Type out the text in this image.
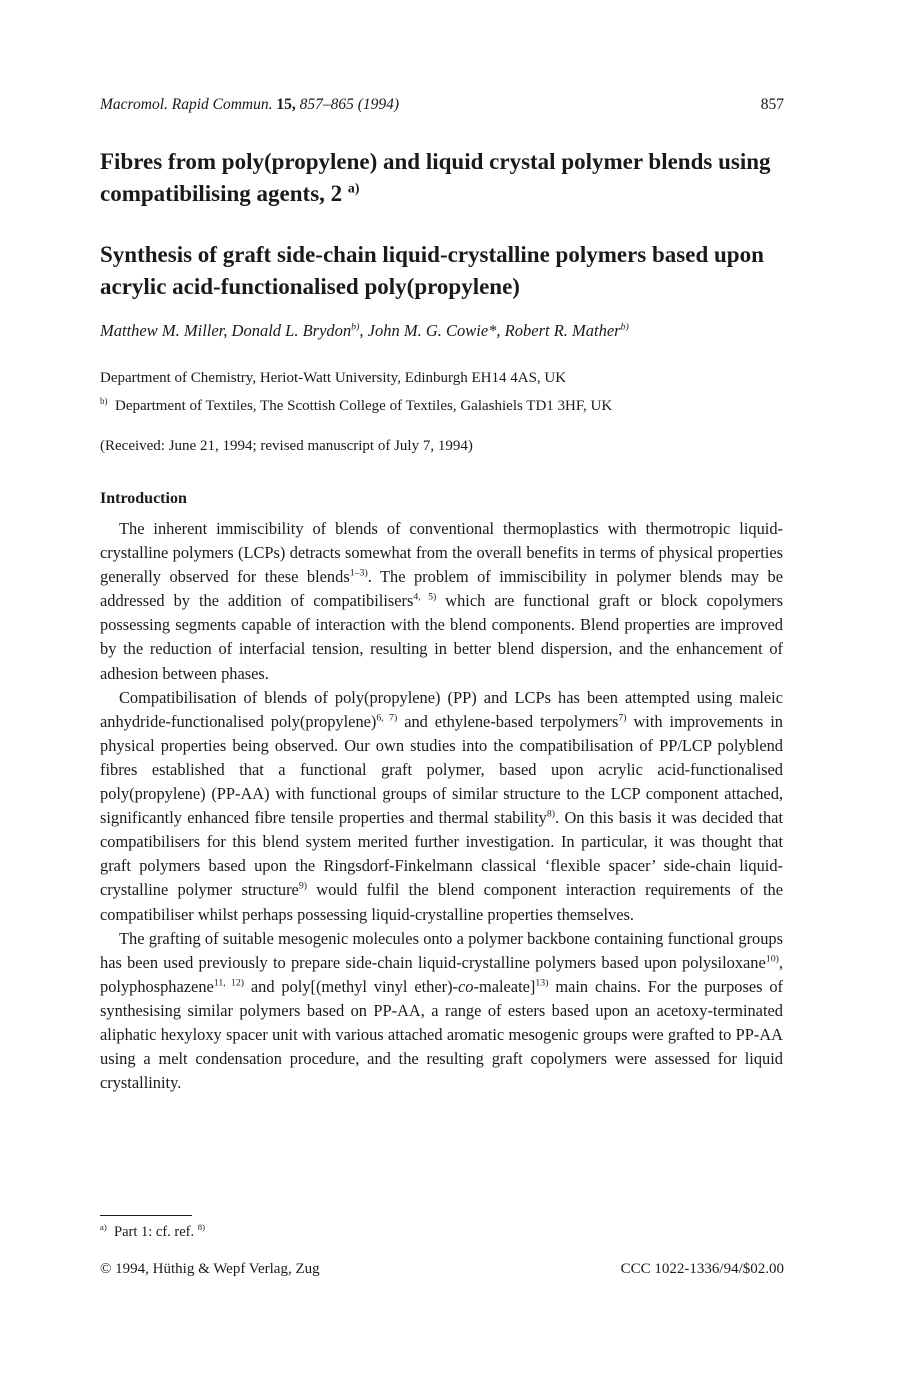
Macromol. Rapid Commun. 15, 857–865 (1994)	857
Fibres from poly(propylene) and liquid crystal polymer blends using compatibilising agents, 2 $^{a)}$
Synthesis of graft side-chain liquid-crystalline polymers based upon acrylic acid-functionalised poly(propylene)
Matthew M. Miller, Donald L. Brydon$^{b)}$, John M. G. Cowie*, Robert R. Mather$^{b)}$
Department of Chemistry, Heriot-Watt University, Edinburgh EH14 4AS, UK
$^{b)}$ Department of Textiles, The Scottish College of Textiles, Galashiels TD1 3HF, UK
(Received: June 21, 1994; revised manuscript of July 7, 1994)
Introduction

The inherent immiscibility of blends of conventional thermoplastics with thermotropic liquid-crystalline polymers (LCPs) detracts somewhat from the overall benefits in terms of physical properties generally observed for these blends$^{1-3)}$. The problem of immiscibility in polymer blends may be addressed by the addition of compatibilisers$^{4, 5)}$ which are functional graft or block copolymers possessing segments capable of interaction with the blend components. Blend properties are improved by the reduction of interfacial tension, resulting in better blend dispersion, and the enhancement of adhesion between phases.

Compatibilisation of blends of poly(propylene) (PP) and LCPs has been attempted using maleic anhydride-functionalised poly(propylene)$^{6, 7)}$ and ethylene-based terpolymers$^{7)}$ with improvements in physical properties being observed. Our own studies into the compatibilisation of PP/LCP polyblend fibres established that a functional graft polymer, based upon acrylic acid-functionalised poly(propylene) (PP-AA) with functional groups of similar structure to the LCP component attached, significantly enhanced fibre tensile properties and thermal stability$^{8)}$. On this basis it was decided that compatibilisers for this blend system merited further investigation. In particular, it was thought that graft polymers based upon the Ringsdorf-Finkelmann classical ‘flexible spacer’ side-chain liquid-crystalline polymer structure$^{9)}$ would fulfil the blend component interaction requirements of the compatibiliser whilst perhaps possessing liquid-crystalline properties themselves.

The grafting of suitable mesogenic molecules onto a polymer backbone containing functional groups has been used previously to prepare side-chain liquid-crystalline polymers based upon polysiloxane$^{10)}$, polyphosphazene$^{11, 12)}$ and poly[(methyl vinyl ether)-co-maleate]$^{13)}$ main chains. For the purposes of synthesising similar polymers based on PP-AA, a range of esters based upon an acetoxy-terminated aliphatic hexyloxy spacer unit with various attached aromatic mesogenic groups were grafted to PP-AA using a melt condensation procedure, and the resulting graft copolymers were assessed for liquid crystallinity.

$^{a)}$ Part 1: cf. ref. $^{8)}$
© 1994, Hüthig & Wepf Verlag, Zug	CCC 1022-1336/94/$02.00
